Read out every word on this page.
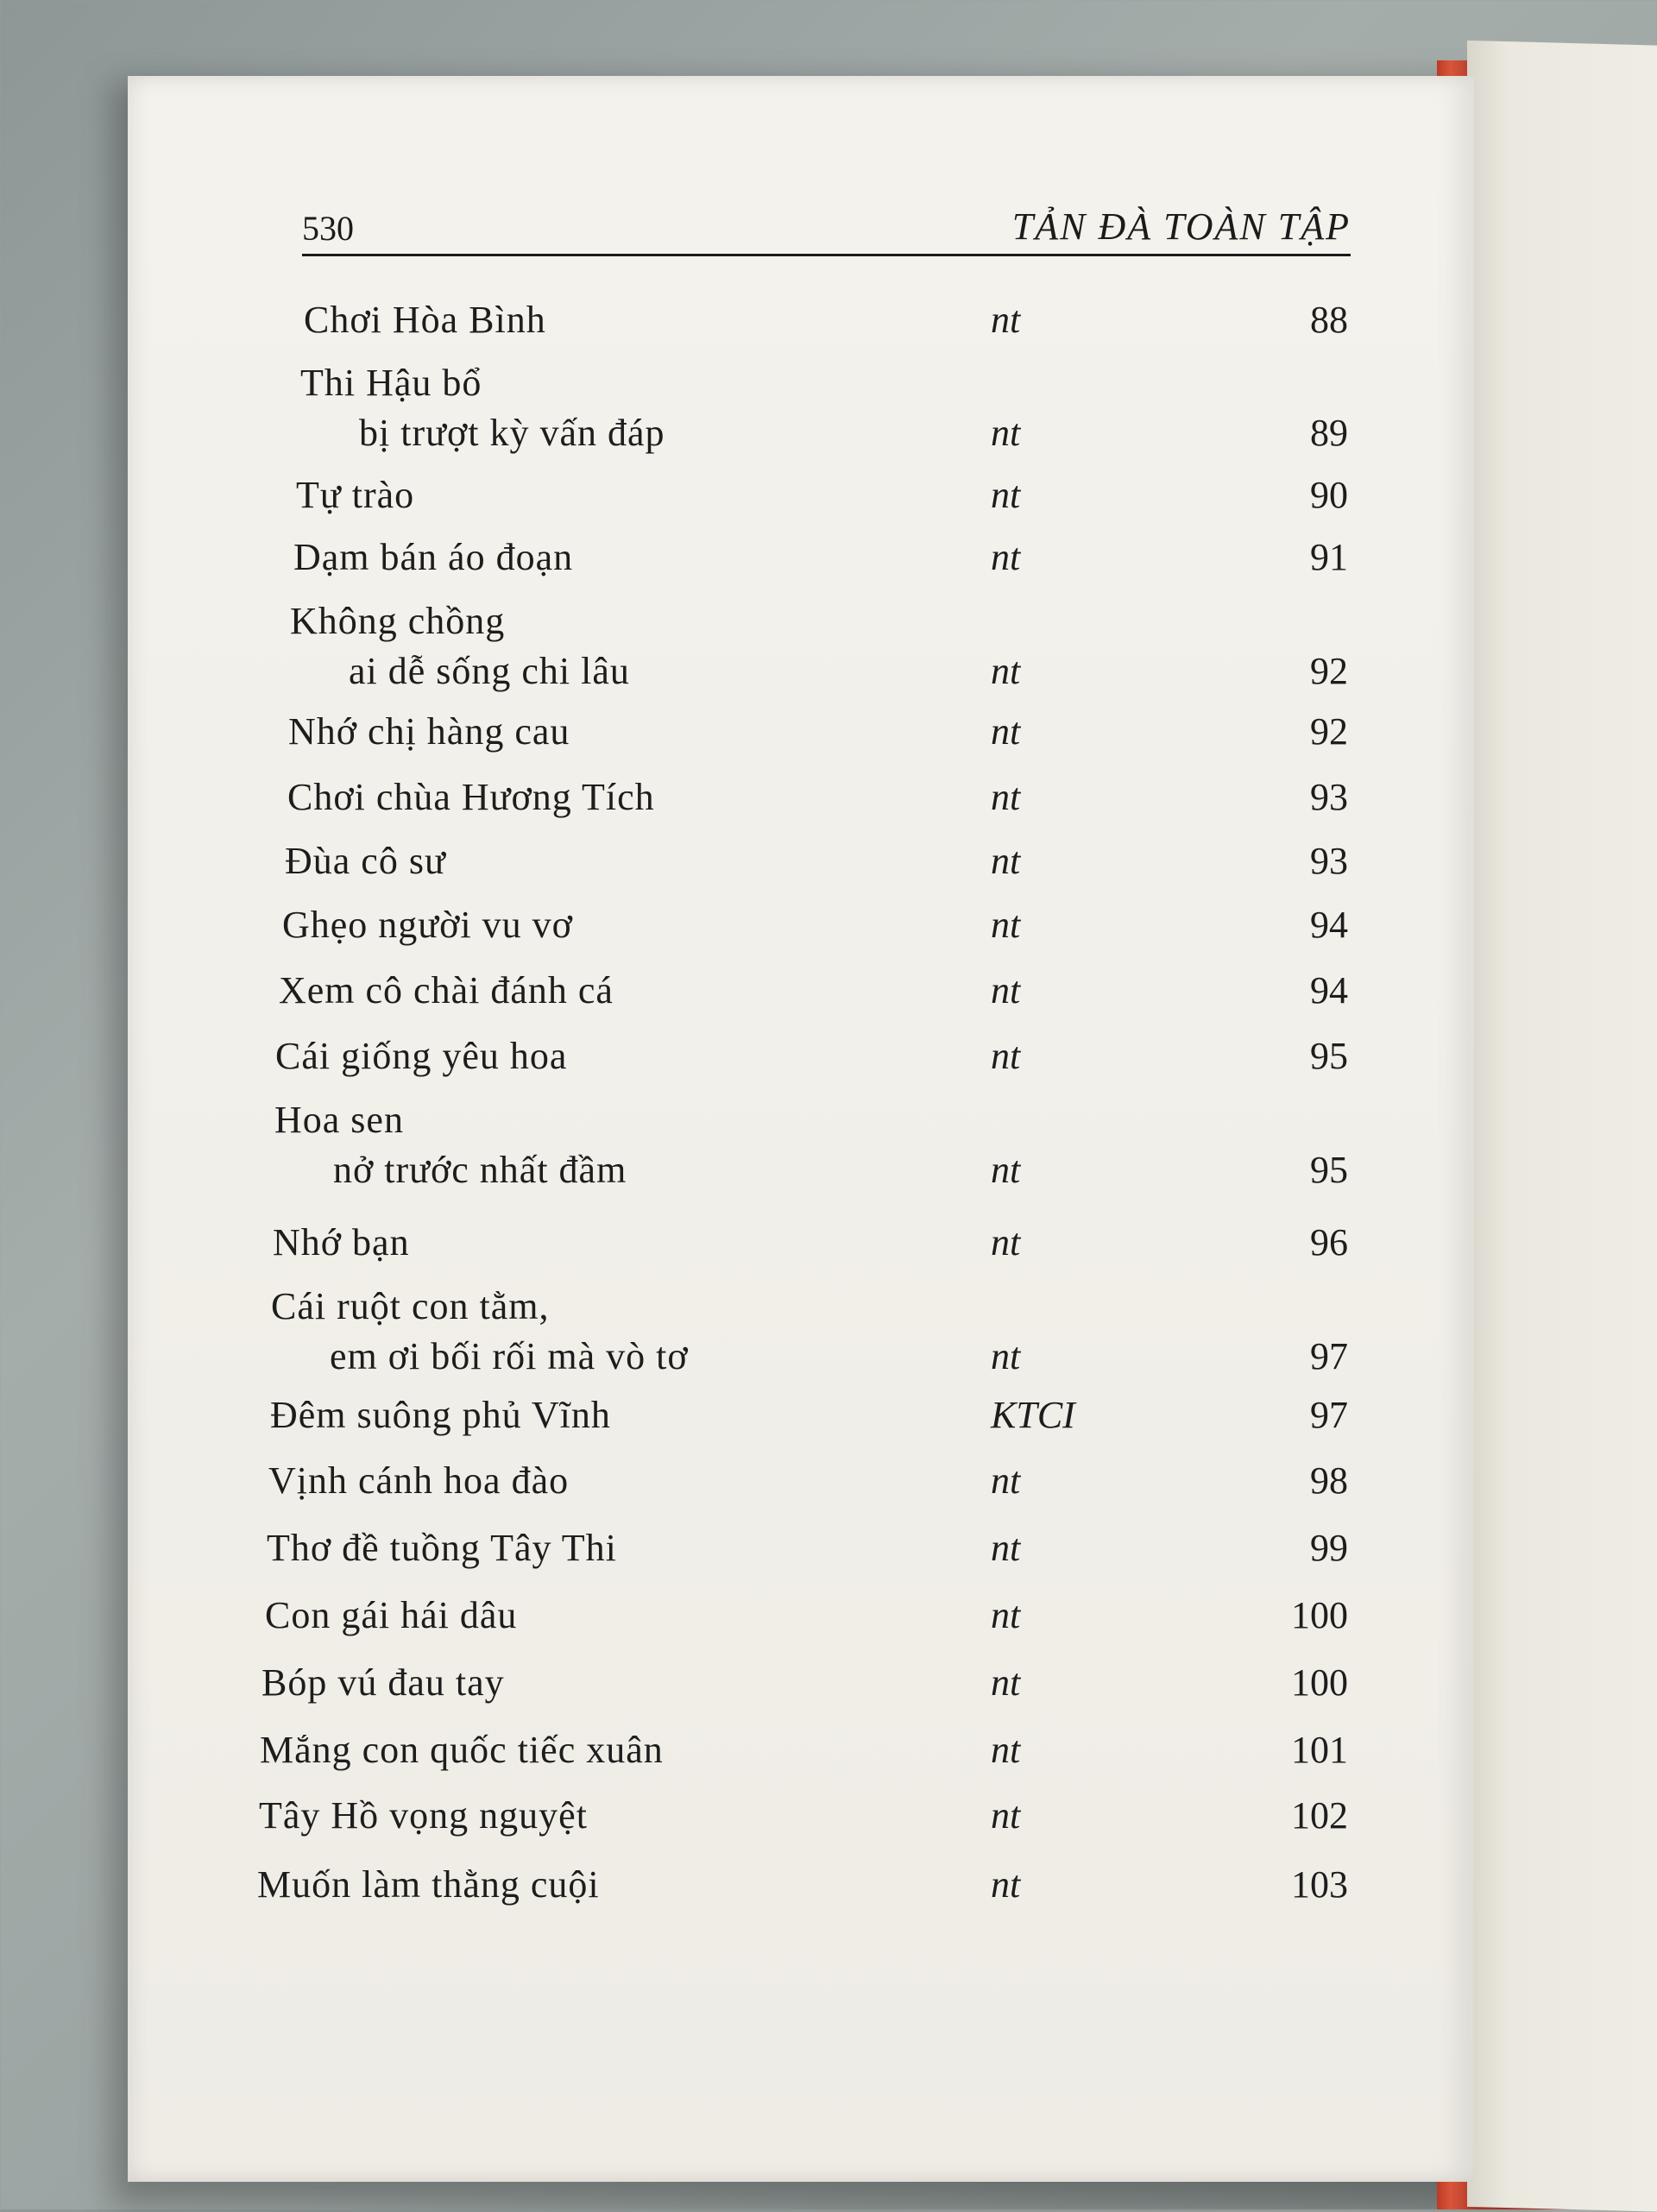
530	TẢN ĐÀ TOÀN TẬP
Chơi Hòa Bình	nt	88
Thi Hậu bổ
bị trượt kỳ vấn đáp	nt	89
Tự trào	nt	90
Dạm bán áo đoạn	nt	91
Không chồng
ai dễ sống chi lâu	nt	92
Nhớ chị hàng cau	nt	92
Chơi chùa Hương Tích	nt	93
Đùa cô sư	nt	93
Ghẹo người vu vơ	nt	94
Xem cô chài đánh cá	nt	94
Cái giống yêu hoa	nt	95
Hoa sen
nở trước nhất đầm	nt	95
Nhớ bạn	nt	96
Cái ruột con tằm,
em ơi bối rối mà vò tơ	nt	97
Đêm suông phủ Vĩnh	KTCI	97
Vịnh cánh hoa đào	nt	98
Thơ đề tuồng Tây Thi	nt	99
Con gái hái dâu	nt	100
Bóp vú đau tay	nt	100
Mắng con quốc tiếc xuân	nt	101
Tây Hồ vọng nguyệt	nt	102
Muốn làm thằng cuội	nt	103
